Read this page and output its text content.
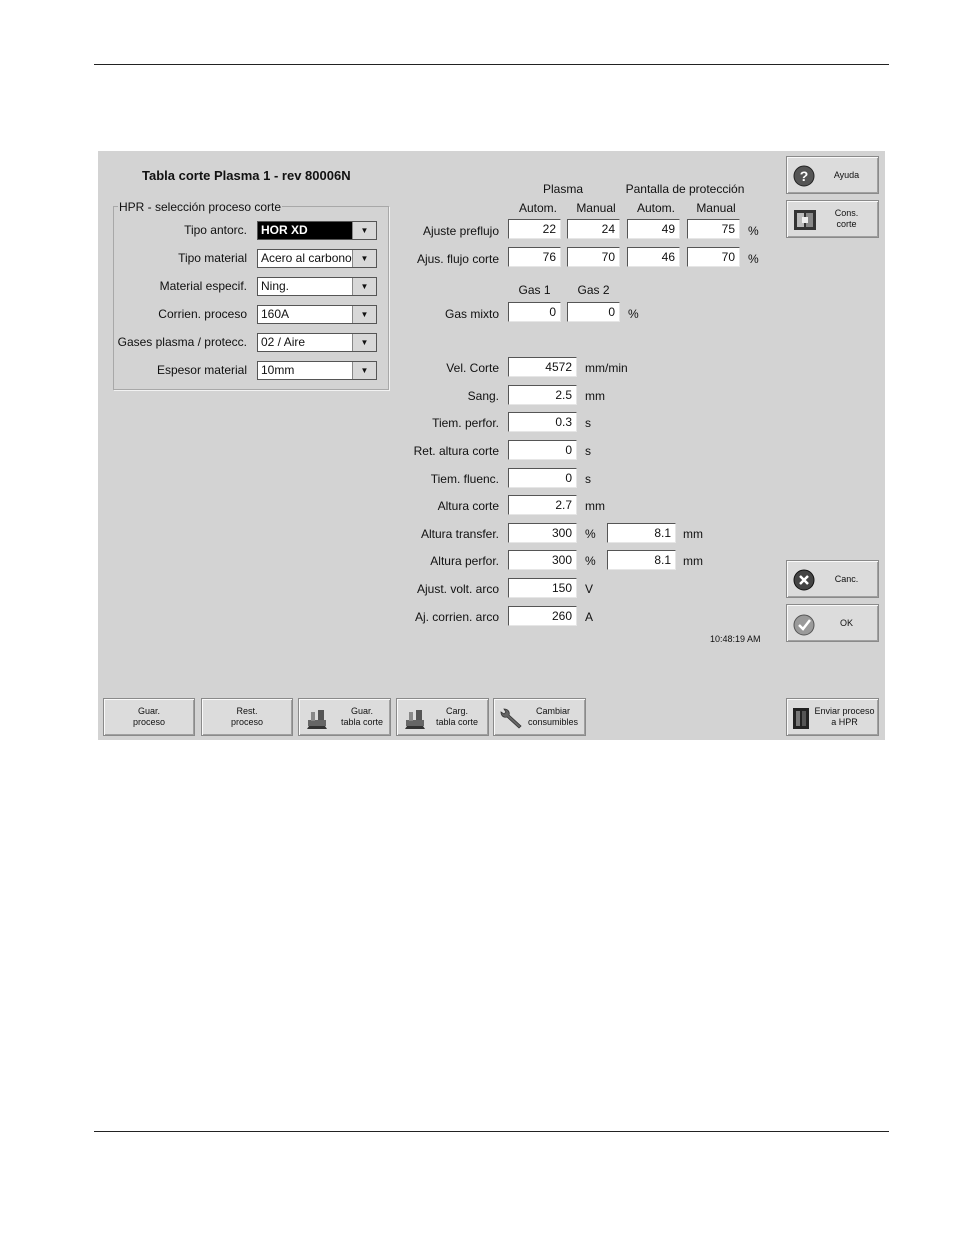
Tabla corte Plasma 1 - rev 80006N
HPR - selección proceso corte
Tipo antorc. HOR XD	▼
Tipo material Acero al carbono	▼
Material especif. Ning.	▼
Corrien. proceso 160A	▼
Gases plasma / protecc. 02 / Aire	▼
Espesor material 10mm	▼
Plasma	Pantalla de protección
Autom.	Manual	Autom.	Manual
Ajuste preflujo	22	24	49	75	%
Ajus. flujo corte	76	70	46	70	%
Gas 1	Gas 2
Gas mixto	0	0	%
Vel. Corte	4572	mm/min
Sang.	2.5	mm
Tiem. perfor.	0.3	s
Ret. altura corte	0	s
Tiem. fluenc.	0	s
Altura corte	2.7	mm
Altura transfer.	300	%	8.1	mm
Altura perfor.	300	%	8.1	mm
Ajust. volt. arco	150	V
Aj. corrien. arco	260	A
10:48:19 AM
?	Ayuda
Cons.
corte
Canc.
OK
Guar.
proceso
Rest.
proceso
Guar.
tabla corte
Carg.
tabla corte
Cambiar
consumibles
Enviar proceso
a HPR
